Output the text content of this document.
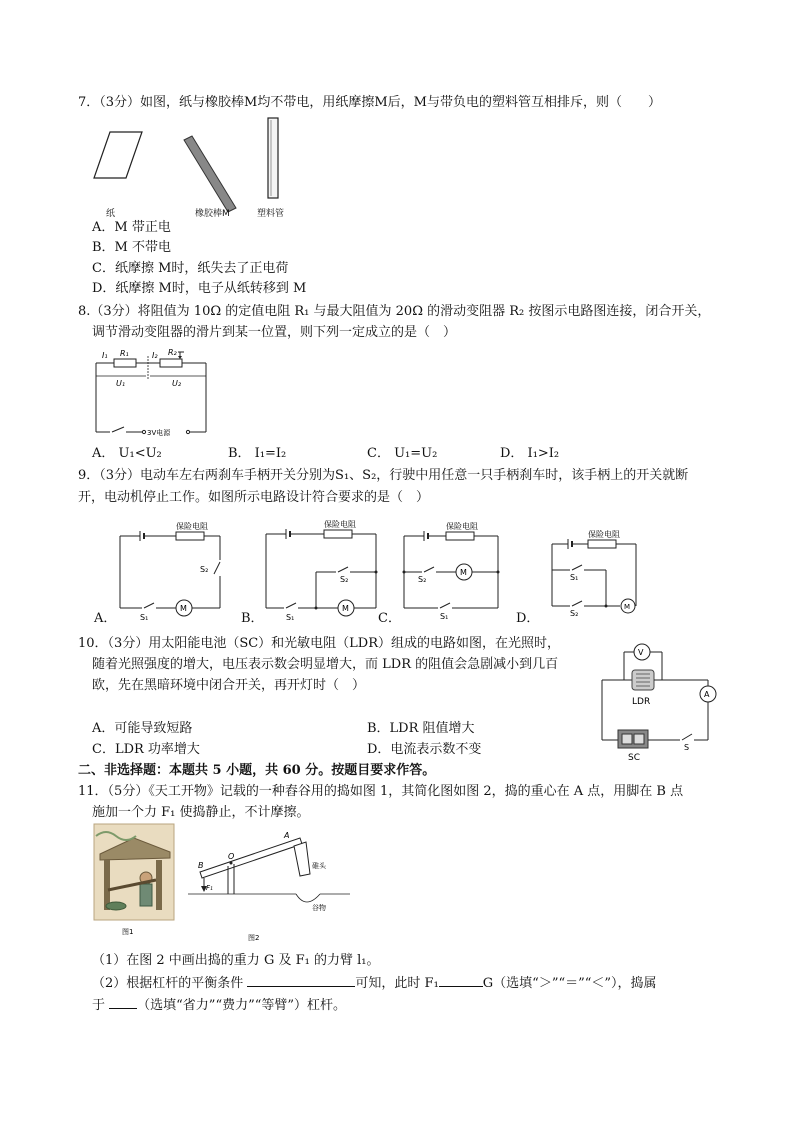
7．（3分）如图，纸与橡胶棒M均不带电，用纸摩擦M后，M与带负电的塑料管互相排斥，则（　　）
纸	橡胶棒M	塑料管
A．M 带正电
B．M 不带电
C．纸摩擦 M时，纸失去了正电荷
D．纸摩擦 M时，电子从纸转移到 M
8.（3分）将阻值为 10Ω 的定值电阻 R₁ 与最大阻值为 20Ω 的滑动变阻器 R₂ 按图示电路图连接，闭合开关，
调节滑动变阻器的滑片到某一位置，则下列一定成立的是（　）
I₁ R₁	I₂ R₂
U₁	U₂
3V电源
A． U₁<U₂	B． I₁=I₂	C． U₁=U₂	D． I₁>I₂
9．（3分）电动车左右两刹车手柄开关分别为S₁、S₂，行驶中用任意一只手柄刹车时，该手柄上的开关就断
开，电动机停止工作。如图所示电路设计符合要求的是（　）
保险电阻
S₂
S₁
M
A．
保险电阻
S₂
S₁
M
B．
保险电阻
S₂
S₁
M
C．
保险电阻
S₁
S₂
M
D．
10．（3分）用太阳能电池（SC）和光敏电阻（LDR）组成的电路如图，在光照时，
随着光照强度的增大，电压表示数会明显增大，而 LDR 的阻值会急剧减小到几百
欧，先在黑暗环境中闭合开关，再开灯时（　）
V
A
LDR
SC
S
A．可能导致短路	B．LDR 阻值增大
C．LDR 功率增大	D．电流表示数不变
二、非选择题：本题共 5 小题，共 60 分。按题目要求作答。
11．（5分）《天工开物》记载的一种舂谷用的捣如图 1，其简化图如图 2，捣的重心在 A 点，用脚在 B 点
施加一个力 F₁ 使捣静止，不计摩擦。
图1
B
O
A
F₁
碓头
谷物
图2
（1）在图 2 中画出捣的重力 G 及 F₁ 的力臂 l₁。
（2）根据杠杆的平衡条件	可知，此时 F₁	G（选填“＞”“＝”“＜”），捣属
于 （选填“省力”“费力”“等臂”）杠杆。
